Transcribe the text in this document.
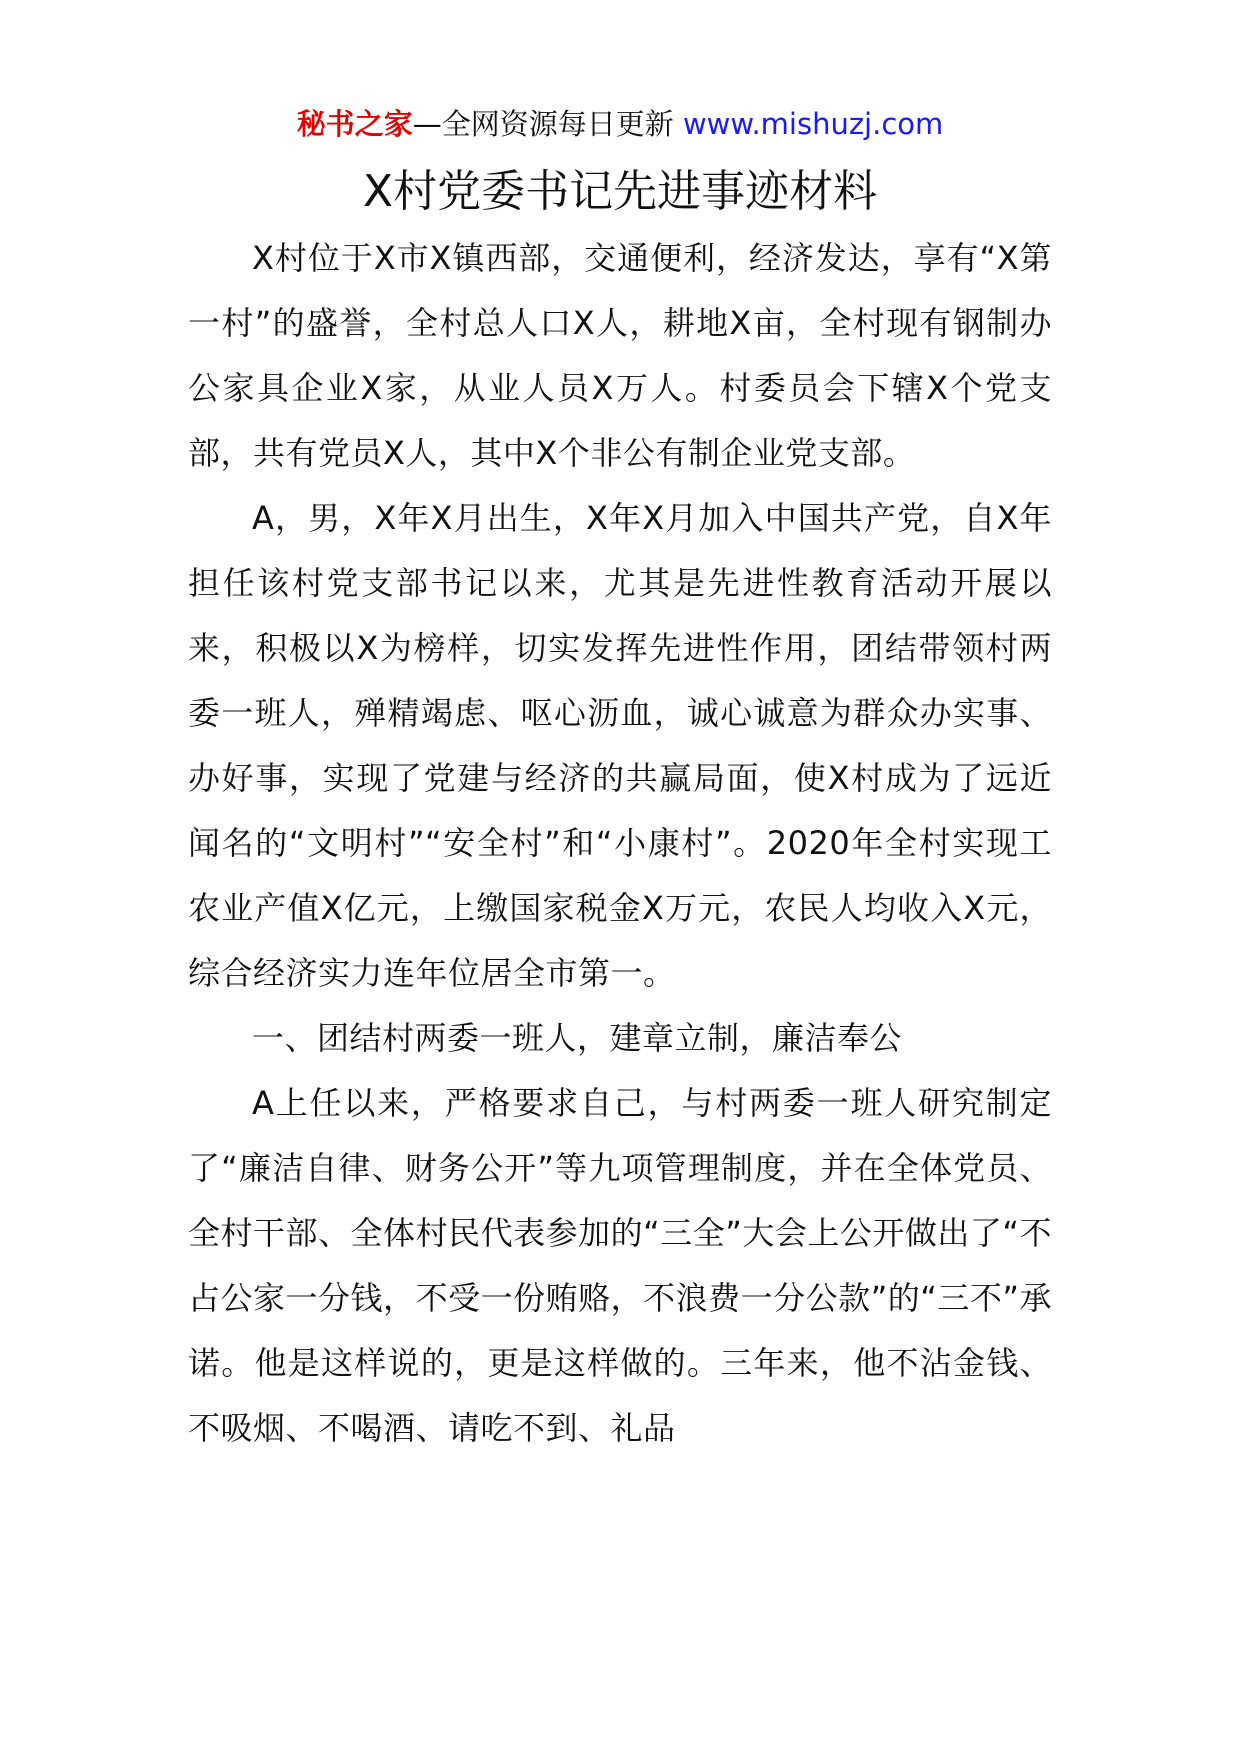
秘书之家—全网资源每日更新 www.mishuzj.com
X村党委书记先进事迹材料

X村位于X市X镇西部，交通便利，经济发达，享有“X第一村”的盛誉，全村总人口X人，耕地X亩，全村现有钢制办公家具企业X家，从业人员X万人。村委员会下辖X个党支部，共有党员X人，其中X个非公有制企业党支部。

A，男，X年X月出生，X年X月加入中国共产党，自X年担任该村党支部书记以来，尤其是先进性教育活动开展以来，积极以X为榜样，切实发挥先进性作用，团结带领村两委一班人，殚精竭虑、呕心沥血，诚心诚意为群众办实事、办好事，实现了党建与经济的共赢局面，使X村成为了远近闻名的“文明村”“安全村”和“小康村”。2020年全村实现工农业产值X亿元，上缴国家税金X万元，农民人均收入X元，综合经济实力连年位居全市第一。

一、团结村两委一班人，建章立制，廉洁奉公

A上任以来，严格要求自己，与村两委一班人研究制定了“廉洁自律、财务公开”等九项管理制度，并在全体党员、全村干部、全体村民代表参加的“三全”大会上公开做出了“不占公家一分钱，不受一份贿赂，不浪费一分公款”的“三不”承诺。他是这样说的，更是这样做的。三年来，他不沾金钱、不吸烟、不喝酒、请吃不到、礼品
